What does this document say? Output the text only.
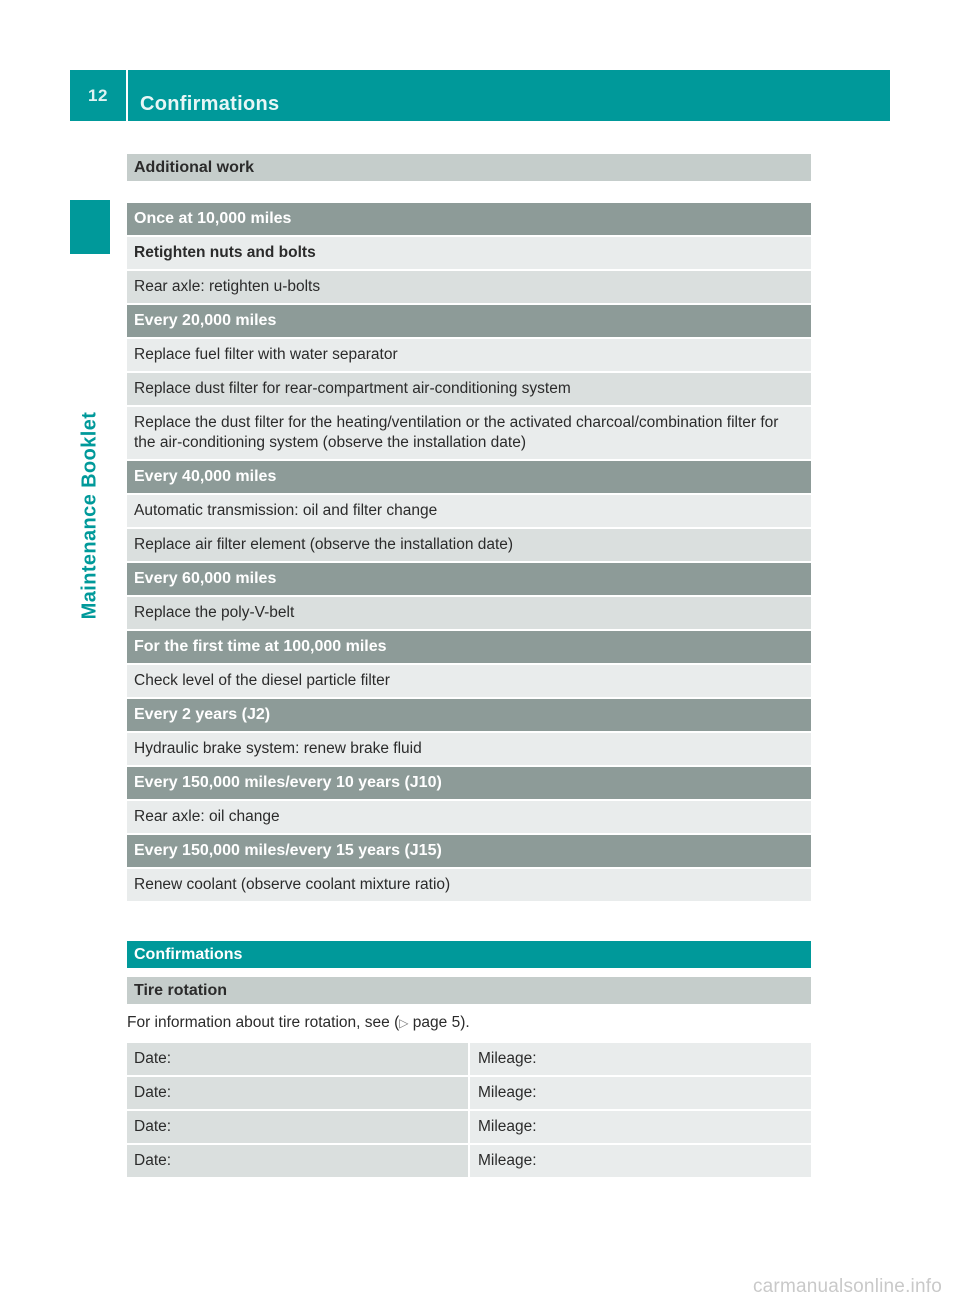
12	Confirmations
Maintenance Booklet
Additional work
Once at 10,000 miles
Retighten nuts and bolts
Rear axle: retighten u-bolts
Every 20,000 miles
Replace fuel filter with water separator
Replace dust filter for rear-compartment air-conditioning system
Replace the dust filter for the heating/ventilation or the activated charcoal/combination filter for the air-conditioning system (observe the installation date)
Every 40,000 miles
Automatic transmission: oil and filter change
Replace air filter element (observe the installation date)
Every 60,000 miles
Replace the poly-V-belt
For the first time at 100,000 miles
Check level of the diesel particle filter
Every 2 years (J2)
Hydraulic brake system: renew brake fluid
Every 150,000 miles/every 10 years (J10)
Rear axle: oil change
Every 150,000 miles/every 15 years (J15)
Renew coolant (observe coolant mixture ratio)
Confirmations
Tire rotation
For information about tire rotation, see (▷ page 5).
Date:	Mileage:
Date:	Mileage:
Date:	Mileage:
Date:	Mileage:
carmanualsonline.info
